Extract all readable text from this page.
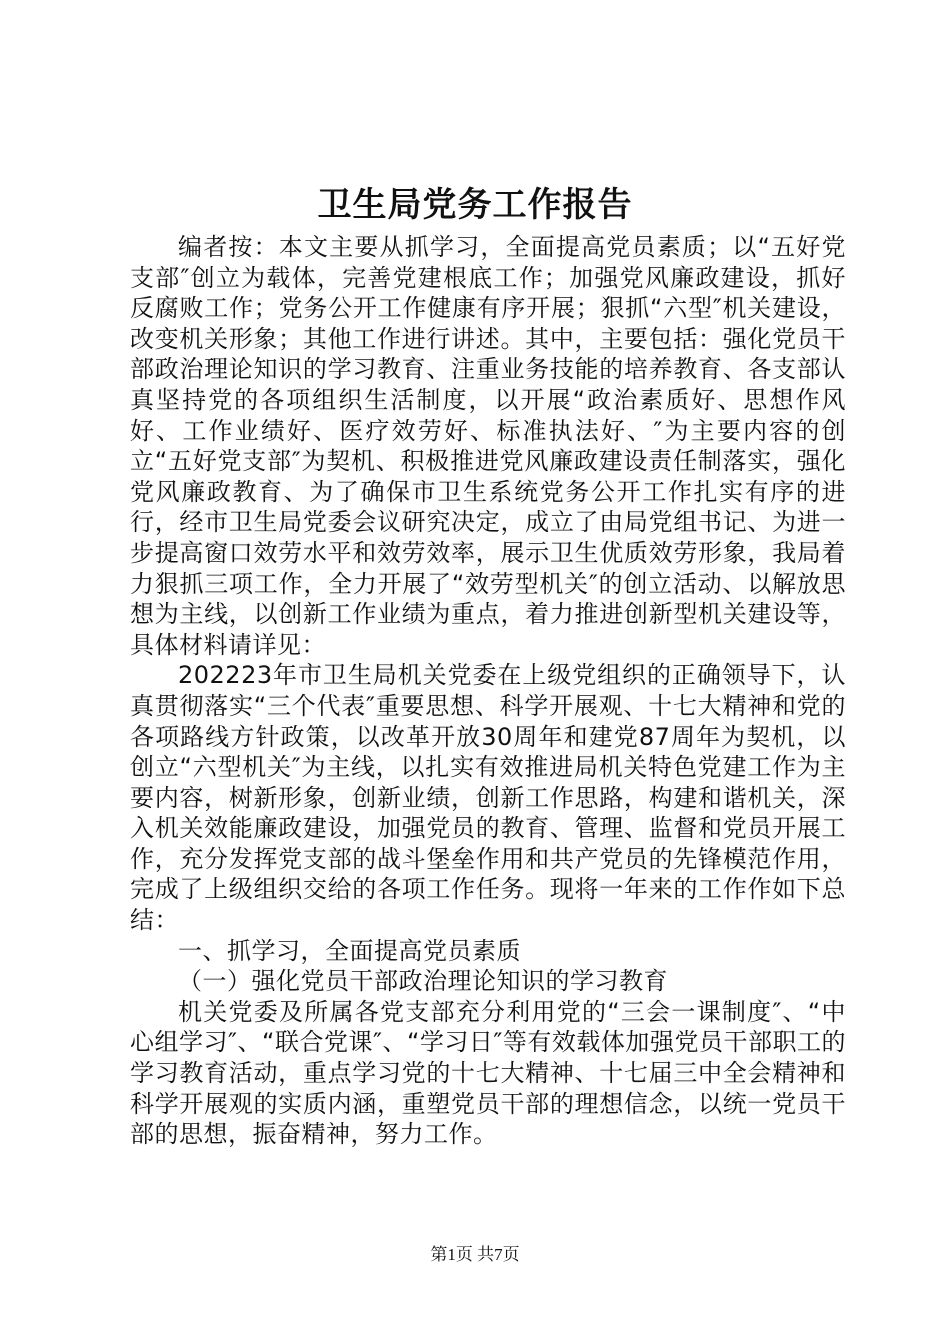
卫生局党务工作报告

编者按：本文主要从抓学习，全面提高党员素质；以“五好党支部″创立为载体，完善党建根底工作；加强党风廉政建设，抓好反腐败工作；党务公开工作健康有序开展；狠抓“六型″机关建设，改变机关形象；其他工作进行讲述。其中，主要包括：强化党员干部政治理论知识的学习教育、注重业务技能的培养教育、各支部认真坚持党的各项组织生活制度，以开展“政治素质好、思想作风好、工作业绩好、医疗效劳好、标准执法好、″为主要内容的创立“五好党支部″为契机、积极推进党风廉政建设责任制落实，强化党风廉政教育、为了确保市卫生系统党务公开工作扎实有序的进行，经市卫生局党委会议研究决定，成立了由局党组书记、为进一步提高窗口效劳水平和效劳效率，展示卫生优质效劳形象，我局着力狠抓三项工作，全力开展了“效劳型机关″的创立活动、以解放思想为主线，以创新工作业绩为重点，着力推进创新型机关建设等，具体材料请详见：

202223年市卫生局机关党委在上级党组织的正确领导下，认真贯彻落实“三个代表″重要思想、科学开展观、十七大精神和党的各项路线方针政策，以改革开放30周年和建党87周年为契机，以创立“六型机关″为主线，以扎实有效推进局机关特色党建工作为主要内容，树新形象，创新业绩，创新工作思路，构建和谐机关，深入机关效能廉政建设，加强党员的教育、管理、监督和党员开展工作，充分发挥党支部的战斗堡垒作用和共产党员的先锋模范作用，完成了上级组织交给的各项工作任务。现将一年来的工作作如下总结：

一、抓学习，全面提高党员素质

（一）强化党员干部政治理论知识的学习教育

机关党委及所属各党支部充分利用党的“三会一课制度″、“中心组学习″、“联合党课″、“学习日″等有效载体加强党员干部职工的学习教育活动，重点学习党的十七大精神、十七届三中全会精神和科学开展观的实质内涵，重塑党员干部的理想信念，以统一党员干部的思想，振奋精神，努力工作。

第1页 共7页
